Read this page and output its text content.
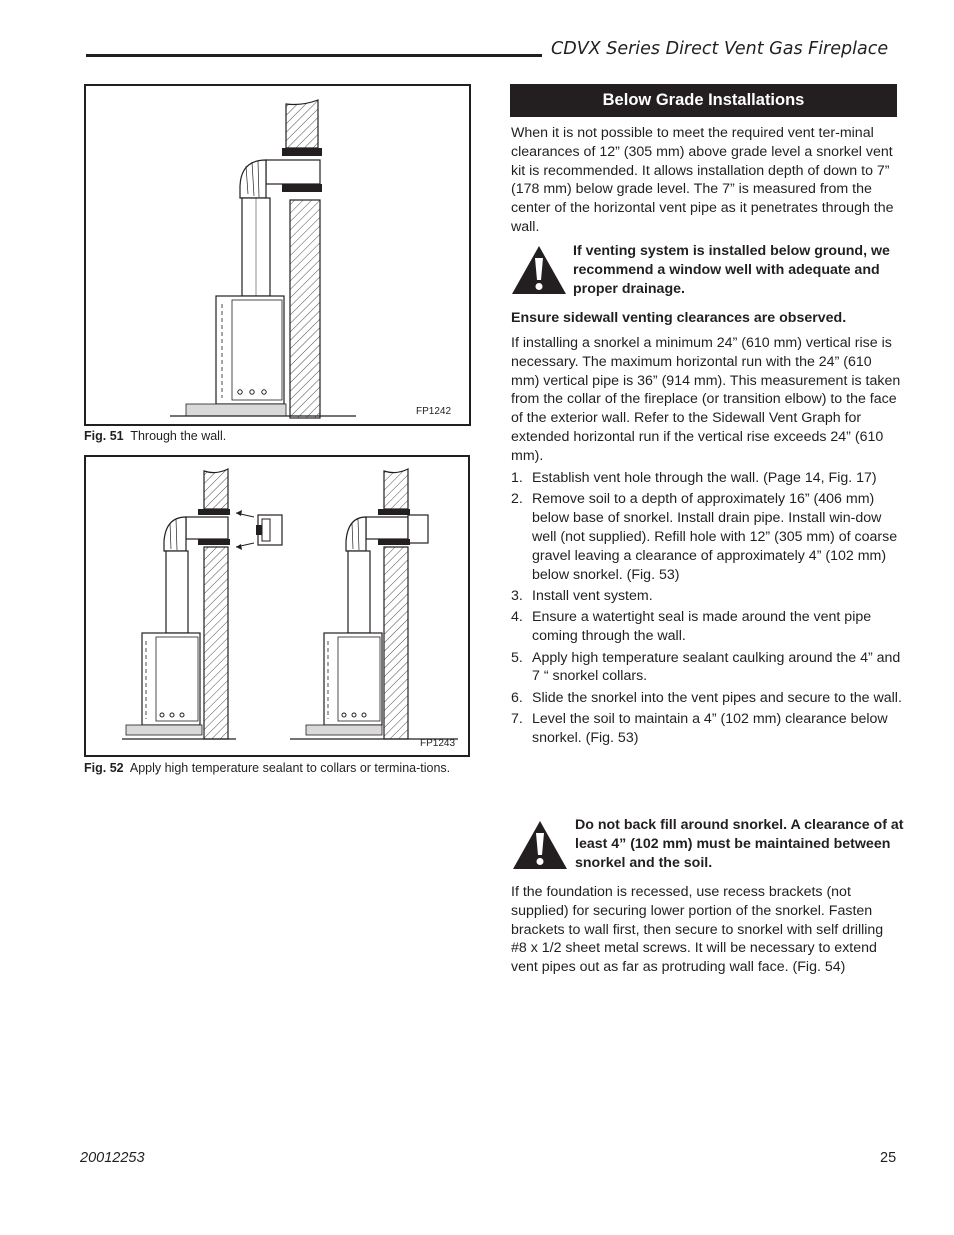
CDVX Series Direct Vent Gas Fireplace
FP1242
Fig. 51 Through the wall.
FP1243
Fig. 52 Apply high temperature sealant to collars or termina-tions.
Below Grade Installations
When it is not possible to meet the required vent ter-minal clearances of 12” (305 mm) above grade level a snorkel vent kit is recommended. It allows installation depth of down to 7” (178 mm) below grade level. The 7” is measured from the center of the horizontal vent pipe as it penetrates through the wall.
If venting system is installed below ground, we recommend a window well with adequate and proper drainage.
Ensure sidewall venting clearances are observed.
If installing a snorkel a minimum 24” (610 mm) vertical rise is necessary. The maximum horizontal run with the 24” (610 mm) vertical pipe is 36” (914 mm). This measurement is taken from the collar of the fireplace (or transition elbow) to the face of the exterior wall. Refer to the Sidewall Vent Graph for extended horizontal run if the vertical rise exceeds 24” (610 mm).
1. Establish vent hole through the wall. (Page 14, Fig. 17)
2. Remove soil to a depth of approximately 16” (406 mm) below base of snorkel. Install drain pipe. Install win-dow well (not supplied). Refill hole with 12” (305 mm) of coarse gravel leaving a clearance of approximately 4” (102 mm) below snorkel. (Fig. 53)
3. Install vent system.
4. Ensure a watertight seal is made around the vent pipe coming through the wall.
5. Apply high temperature sealant caulking around the 4” and 7 “ snorkel collars.
6. Slide the snorkel into the vent pipes and secure to the wall.
7. Level the soil to maintain a 4” (102 mm) clearance below snorkel. (Fig. 53)
Do not back fill around snorkel. A clearance of at least 4” (102 mm) must be maintained between snorkel and the soil.
If the foundation is recessed, use recess brackets (not supplied) for securing lower portion of the snorkel. Fasten brackets to wall first, then secure to snorkel with self drilling #8 x 1/2 sheet metal screws. It will be necessary to extend vent pipes out as far as protruding wall face. (Fig. 54)
20012253	25
